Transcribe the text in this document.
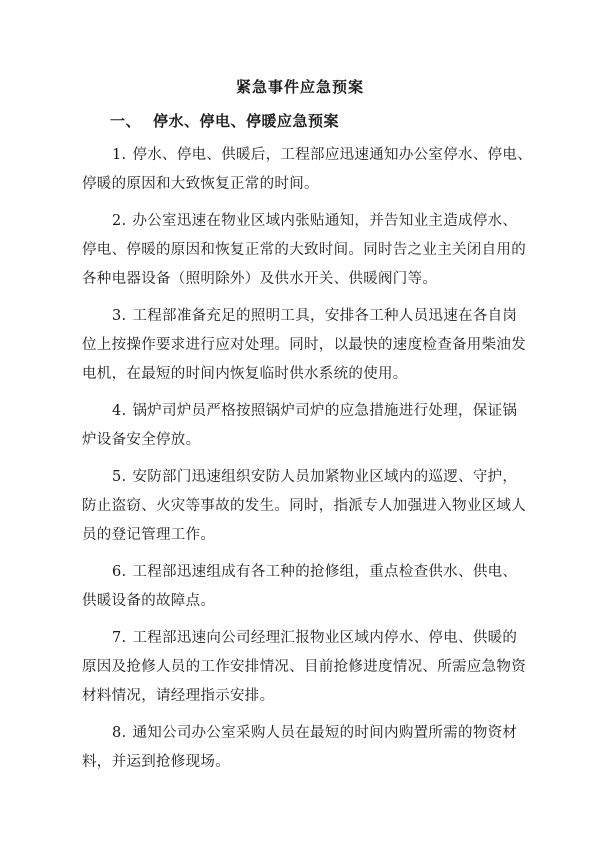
紧急事件应急预案
一、 停水、停电、停暖应急预案
1. 停水、停电、供暖后，工程部应迅速通知办公室停水、停电、
停暖的原因和大致恢复正常的时间。
2. 办公室迅速在物业区域内张贴通知，并告知业主造成停水、
停电、停暖的原因和恢复正常的大致时间。同时告之业主关闭自用的
各种电器设备（照明除外）及供水开关、供暖阀门等。
3. 工程部准备充足的照明工具，安排各工种人员迅速在各自岗
位上按操作要求进行应对处理。同时，以最快的速度检查备用柴油发
电机，在最短的时间内恢复临时供水系统的使用。
4. 锅炉司炉员严格按照锅炉司炉的应急措施进行处理，保证锅
炉设备安全停放。
5. 安防部门迅速组织安防人员加紧物业区域内的巡逻、守护，
防止盗窃、火灾等事故的发生。同时，指派专人加强进入物业区域人
员的登记管理工作。
6. 工程部迅速组成有各工种的抢修组，重点检查供水、供电、
供暖设备的故障点。
7. 工程部迅速向公司经理汇报物业区域内停水、停电、供暖的
原因及抢修人员的工作安排情况、目前抢修进度情况、所需应急物资
材料情况，请经理指示安排。
8. 通知公司办公室采购人员在最短的时间内购置所需的物资材
料，并运到抢修现场。
